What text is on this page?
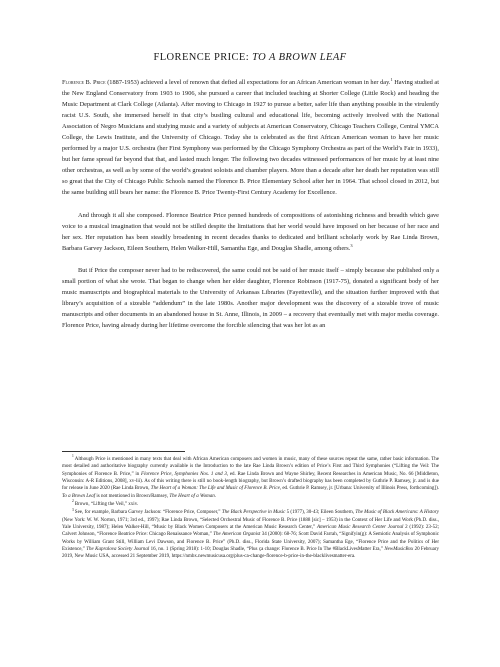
FLORENCE PRICE: TO A BROWN LEAF

Florence B. Price (1887-1953) achieved a level of renown that defied all expectations for an African American woman in her day.$^1$ Having studied at the New England Conservatory from 1903 to 1906, she pursued a career that included teaching at Shorter College (Little Rock) and heading the Music Department at Clark College (Atlanta). After moving to Chicago in 1927 to pursue a better, safer life than anything possible in the virulently racist U.S. South, she immersed herself in that city’s bustling cultural and educational life, becoming actively involved with the National Association of Negro Musicians and studying music and a variety of subjects at American Conservatory, Chicago Teachers College, Central YMCA College, the Lewis Institute, and the University of Chicago. Today she is celebrated as the first African American woman to have her music performed by a major U.S. orchestra (her First Symphony was performed by the Chicago Symphony Orchestra as part of the World’s Fair in 1933), but her fame spread far beyond that that, and lasted much longer. The following two decades witnessed performances of her music by at least nine other orchestras, as well as by some of the world’s greatest soloists and chamber players. More than a decade after her death her reputation was still so great that the City of Chicago Public Schools named the Florence B. Price Elementary School after her in 1964. That school closed in 2012, but the same building still bears her name: the Florence B. Price Twenty-First Century Academy for Excellence.

And through it all she composed. Florence Beatrice Price penned hundreds of compositions of astonishing richness and breadth which gave voice to a musical imagination that would not be stilled despite the limitations that her world would have imposed on her because of her race and her sex. Her reputation has been steadily broadening in recent decades thanks to dedicated and brilliant scholarly work by Rae Linda Brown, Barbara Garvey Jackson, Eileen Southern, Helen Walker-Hill, Samantha Ege, and Douglas Shadle, among others.$^3$

But if Price the composer never had to be rediscovered, the same could not be said of her music itself – simply because she published only a small portion of what she wrote. That began to change when her elder daughter, Florence Robinson (1917-75), donated a significant body of her music manuscripts and biographical materials to the University of Arkansas Libraries (Fayetteville), and the situation further improved with that library’s acquisition of a sizeable “addendum” in the late 1980s. Another major development was the discovery of a sizeable trove of music manuscripts and other documents in an abandoned house in St. Anne, Illinois, in 2009 – a recovery that eventually met with major media coverage. Florence Price, having already during her lifetime overcome the forcible silencing that was her lot as an

$^1$Although Price is mentioned in many texts that deal with African American composers and women in music, many of these sources repeat the same, rather basic information. The most detailed and authoritative biography currently available is the Introduction to the late Rae Linda Brown’s edition of Price’s First and Third Symphonies (“Lifting the Veil: The Symphonies of Florence B. Price,” in Florence Price, Symphonies Nos. 1 and 3, ed. Rae Linda Brown and Wayne Shirley, Recent Researches in American Music, No. 66 [Middleton, Wisconsin: A-R Editions, 2008], xv-lii). As of this writing there is still no book-length biography, but Brown’s drafted biography has been completed by Guthrie P. Ramsey, jr. and is due for release in June 2020 (Rae Linda Brown, The Heart of a Woman: The Life and Music of Florence B. Price, ed. Guthrie P. Ramsey, jr. [Urbana: University of Illinois Press, forthcoming]). To a Brown Leaf is not mentioned in Brown/Ramsey, The Heart of a Woman.

$^2$Brown, “Lifting the Veil,” xxiv.

$^3$See, for example, Barbara Garvey Jackson: “Florence Price, Composer,” The Black Perspective in Music 5 (1977), 30-43; Eileen Southern, The Music of Black Americans: A History (New York: W. W. Norton, 1971; 3rd ed., 1997); Rae Linda Brown, “Selected Orchestral Music of Florence B. Price (1888 [sic] – 1953) in the Context of Her Life and Work (Ph.D. diss., Yale University, 1987); Helen Walker-Hill, “Music by Black Women Composers at the American Music Research Center,” American Music Research Center Journal 2 (1992): 23-52; Calvert Johnson, “Florence Beatrice Price: Chicago Renaissance Woman,” The American Organist 34 (2000): 68-76; Scott David Farrah, “Signifyin(g): A Semiotic Analysis of Symphonic Works by William Grant Still, William Levi Dawson, and Florence B. Price” (Ph.D. diss., Florida State University, 2007); Samantha Ege, “Florence Price and the Politics of Her Existence,” The Kapralova Society Journal 16, no. 1 (Spring 2018): 1-10; Douglas Shadle, “Plus ça change: Florence B. Price In The #BlackLivesMatter Era,” NewMusicBox 20 February 2019, New Music USA, accessed 21 September 2019, https://nmbx.newmusicusa.org/plus-ca-change-florence-b-price-in-the-blacklivesmatter-era.
